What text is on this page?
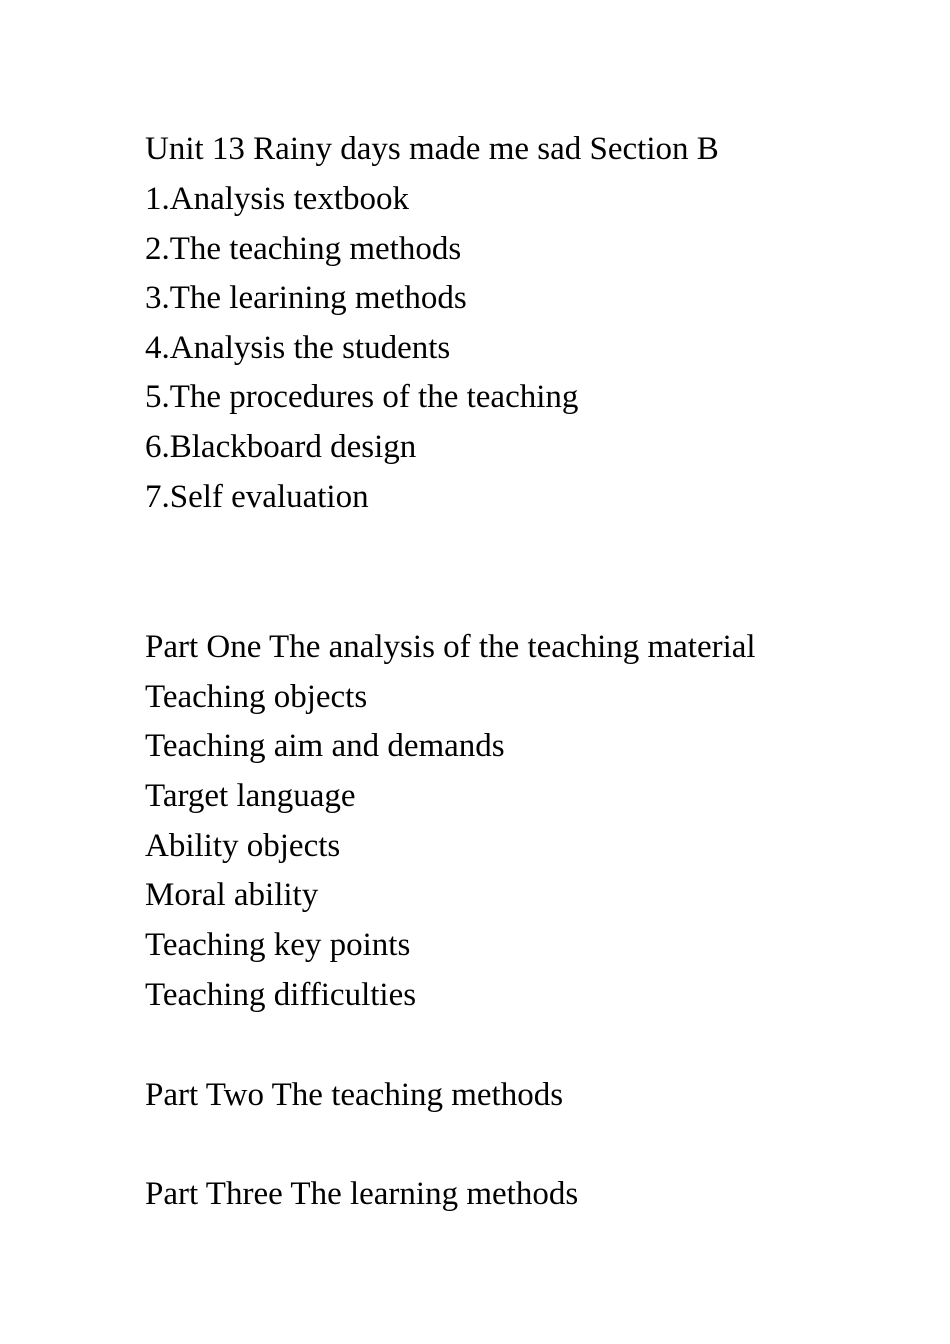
Unit 13 Rainy days made me sad Section B

1.Analysis textbook

2.The teaching methods

3.The learining methods

4.Analysis the students

5.The procedures of the teaching

6.Blackboard design

7.Self evaluation

Part One The analysis of the teaching material

Teaching objects

Teaching aim and demands

Target language

Ability objects

Moral ability

Teaching key points

Teaching difficulties

Part Two The teaching methods

Part Three The learning methods
